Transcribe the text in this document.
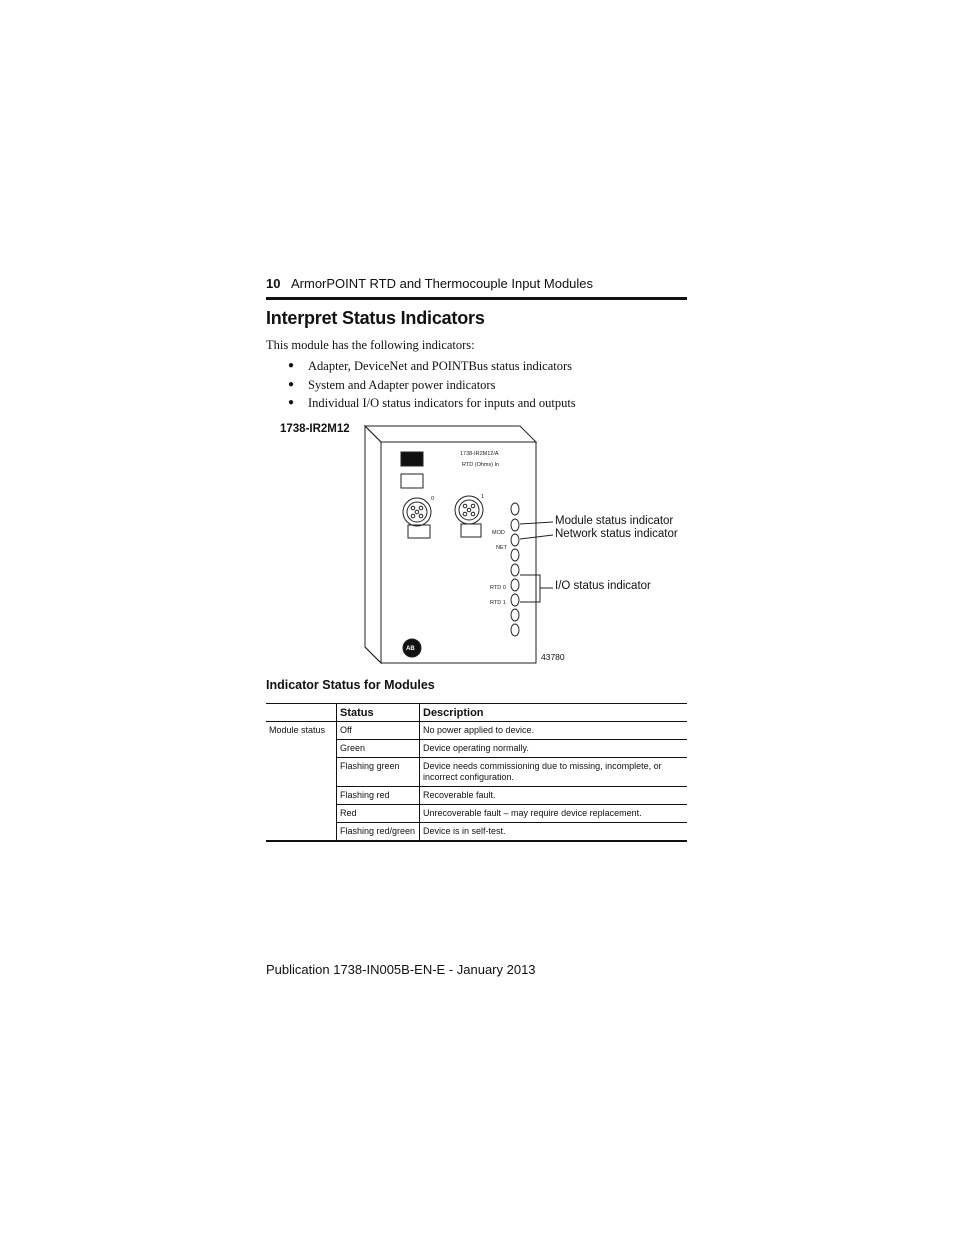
10 ArmorPOINT RTD and Thermocouple Input Modules
Interpret Status Indicators
This module has the following indicators:
● Adapter, DeviceNet and POINTBus status indicators
● System and Adapter power indicators
● Individual I/O status indicators for inputs and outputs
1738-IR2M12
1738-IR2M12/A
RTD (Ohms) In
0	1
MOD
NET
RTD 0
RTD 1
AB
Module status indicator
Network status indicator
I/O status indicator
43780
Indicator Status for Modules
	Status	Description
Module status	Off	No power applied to device.
	Green	Device operating normally.
	Flashing green	Device needs commissioning due to missing, incomplete, or incorrect configuration.
	Flashing red	Recoverable fault.
	Red	Unrecoverable fault – may require device replacement.
	Flashing red/green	Device is in self-test.
Publication 1738-IN005B-EN-E - January 2013
